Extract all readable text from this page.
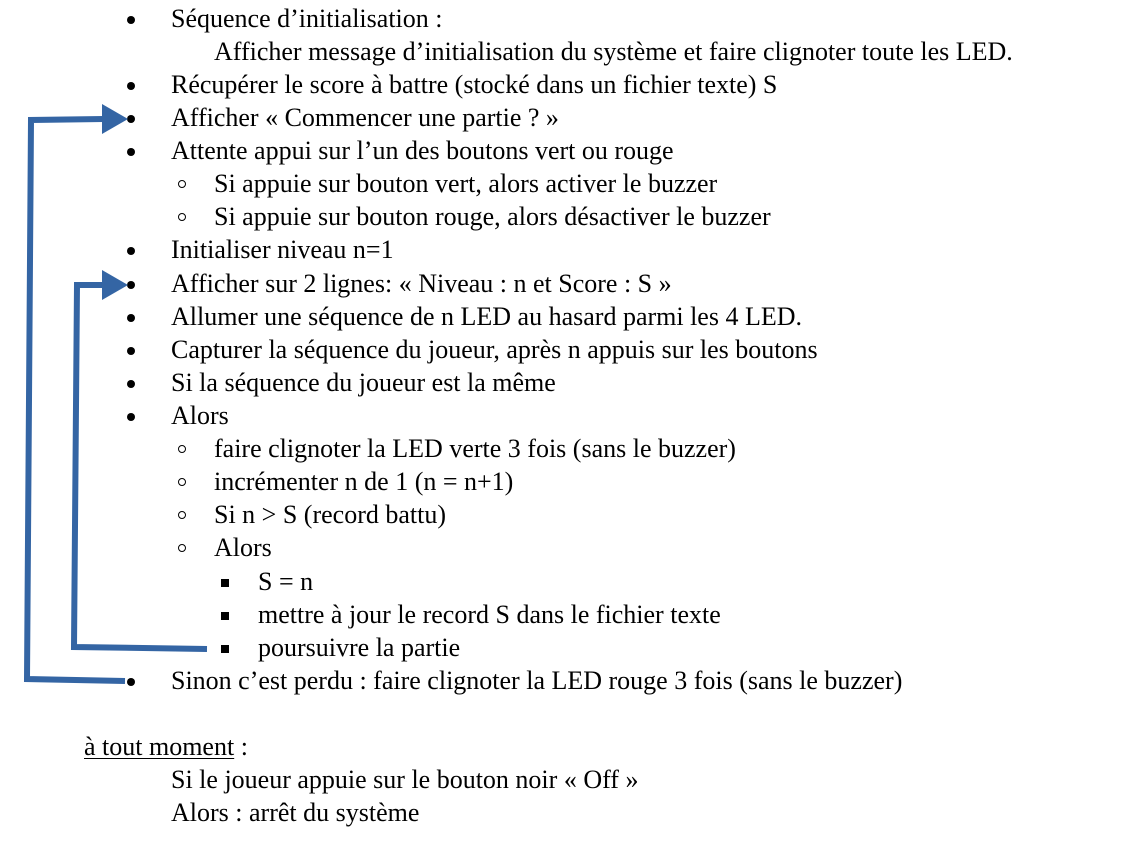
Séquence d’initialisation :
Afficher message d’initialisation du système et faire clignoter toute les LED.
Récupérer le score à battre (stocké dans un fichier texte) S
Afficher « Commencer une partie ? »
Attente appui sur l’un des boutons vert ou rouge
Si appuie sur bouton vert, alors activer le buzzer
Si appuie sur bouton rouge, alors désactiver le buzzer
Initialiser niveau n=1
Afficher sur 2 lignes: « Niveau : n et Score : S »
Allumer une séquence de n LED au hasard parmi les 4 LED.
Capturer la séquence du joueur, après n appuis sur les boutons
Si la séquence du joueur est la même
Alors
faire clignoter la LED verte 3 fois (sans le buzzer)
incrémenter n de 1 (n = n+1)
Si n > S (record battu)
Alors
S = n
mettre à jour le record S dans le fichier texte
poursuivre la partie
Sinon c’est perdu : faire clignoter la LED rouge 3 fois (sans le buzzer)
à tout moment :
Si le joueur appuie sur le bouton noir « Off »
Alors : arrêt du système
